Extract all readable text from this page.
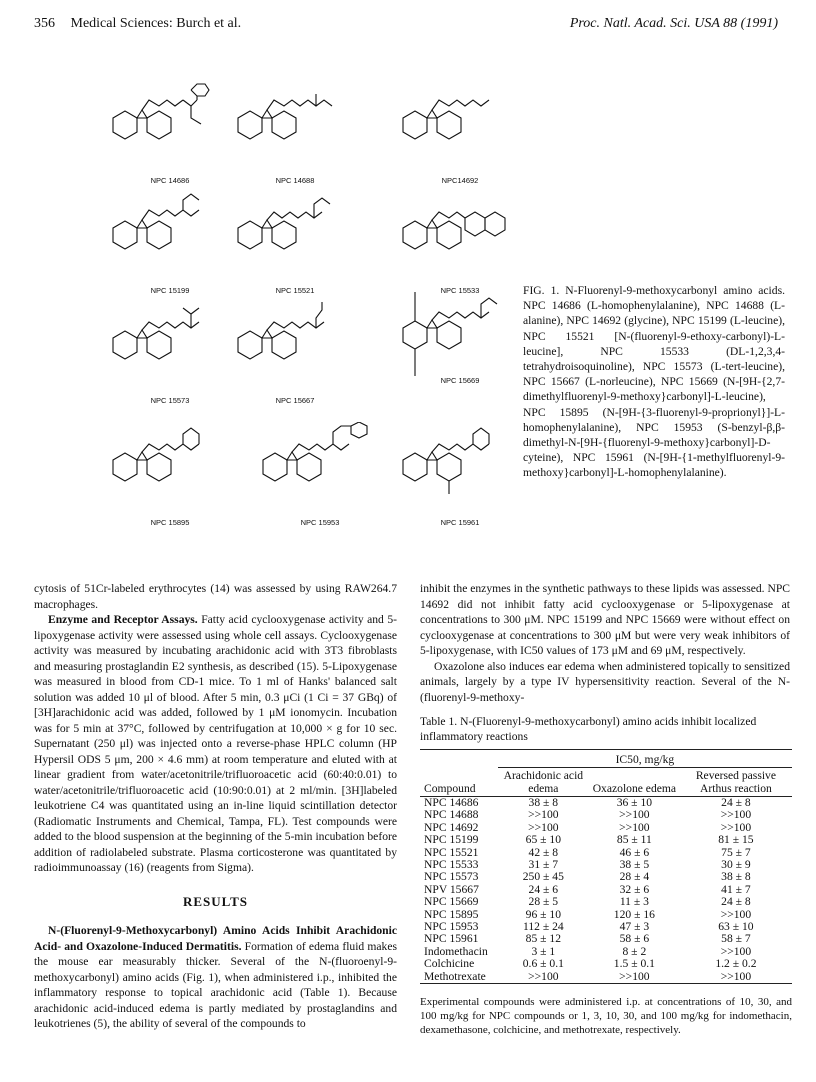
356 Medical Sciences: Burch et al.	Proc. Natl. Acad. Sci. USA 88 (1991)
NPC 14686	NPC 14688	NPC14692
NPC 15199	NPC 15521	NPC 15533
NPC 15573	NPC 15667
NPC 15669
NPC 15895	NPC 15953	NPC 15961
FIG. 1. N-Fluorenyl-9-methoxycarbonyl amino acids. NPC 14686 (L-homophenylalanine), NPC 14688 (L-alanine), NPC 14692 (glycine), NPC 15199 (L-leucine), NPC 15521 [N-(fluorenyl-9-ethoxy-carbonyl)-L-leucine], NPC 15533 (DL-1,2,3,4-tetrahydroisoquinoline), NPC 15573 (L-tert-leucine), NPC 15667 (L-norleucine), NPC 15669 (N-[9H-{2,7-dimethylfluorenyl-9-methoxy}carbonyl]-L-leucine), NPC 15895 (N-[9H-{3-fluorenyl-9-proprionyl}]-L-homophenylalanine), NPC 15953 (S-benzyl-β,β-dimethyl-N-[9H-{fluorenyl-9-methoxy}carbonyl]-D-cyteine), NPC 15961 (N-[9H-{1-methylfluorenyl-9-methoxy}carbonyl]-L-homophenylalanine).

cytosis of 51Cr-labeled erythrocytes (14) was assessed by using RAW264.7 macrophages.

Enzyme and Receptor Assays. Fatty acid cyclooxygenase activity and 5-lipoxygenase activity were assessed using whole cell assays. Cyclooxygenase activity was measured by incubating arachidonic acid with 3T3 fibroblasts and measuring prostaglandin E2 synthesis, as described (15). 5-Lipoxygenase was measured in blood from CD-1 mice. To 1 ml of Hanks' balanced salt solution was added 10 μl of blood. After 5 min, 0.3 μCi (1 Ci = 37 GBq) of [3H]arachidonic acid was added, followed by 1 μM ionomycin. Incubation was for 5 min at 37°C, followed by centrifugation at 10,000 × g for 10 sec. Supernatant (250 μl) was injected onto a reverse-phase HPLC column (HP Hypersil ODS 5 μm, 200 × 4.6 mm) at room temperature and eluted with at linear gradient from water/acetonitrile/trifluoroacetic acid (60:40:0.01) to water/acetonitrile/trifluoroacetic acid (10:90:0.01) at 2 ml/min. [3H]labeled leukotriene C4 was quantitated using an in-line liquid scintillation detector (Radiomatic Instruments and Chemical, Tampa, FL). Test compounds were added to the blood suspension at the beginning of the 5-min incubation before addition of radiolabeled substrate. Plasma corticosterone was quantitated by radioimmunoassay (16) (reagents from Sigma).

RESULTS

N-(Fluorenyl-9-Methoxycarbonyl) Amino Acids Inhibit Arachidonic Acid- and Oxazolone-Induced Dermatitis. Formation of edema fluid makes the mouse ear measurably thicker. Several of the N-(fluoroenyl-9-methoxycarbonyl) amino acids (Fig. 1), when administered i.p., inhibited the inflammatory response to topical arachidonic acid (Table 1). Because arachidonic acid-induced edema is partly mediated by prostaglandins and leukotrienes (5), the ability of several of the compounds to

inhibit the enzymes in the synthetic pathways to these lipids was assessed. NPC 14692 did not inhibit fatty acid cyclooxygenase or 5-lipoxygenase at concentrations to 300 μM. NPC 15199 and NPC 15669 were without effect on cyclooxygenase at concentrations to 300 μM but were very weak inhibitors of 5-lipoxygenase, with IC50 values of 173 μM and 69 μM, respectively.

Oxazolone also induces ear edema when administered topically to sensitized animals, largely by a type IV hypersensitivity reaction. Several of the N-(fluorenyl-9-methoxy-

Table 1. N-(Fluorenyl-9-methoxycarbonyl) amino acids inhibit localized inflammatory reactions
	IC50, mg/kg		
Compound	Arachidonic acid edema	Oxazolone edema	Reversed passive Arthus reaction
NPC 14686	38 ± 8	36 ± 10	24 ± 8
NPC 14688	>>100	>>100	>>100
NPC 14692	>>100	>>100	>>100
NPC 15199	65 ± 10	85 ± 11	81 ± 15
NPC 15521	42 ± 8	46 ± 6	75 ± 7
NPC 15533	31 ± 7	38 ± 5	30 ± 9
NPC 15573	250 ± 45	28 ± 4	38 ± 8
NPV 15667	24 ± 6	32 ± 6	41 ± 7
NPC 15669	28 ± 5	11 ± 3	24 ± 8
NPC 15895	96 ± 10	120 ± 16	>>100
NPC 15953	112 ± 24	47 ± 3	63 ± 10
NPC 15961	85 ± 12	58 ± 6	58 ± 7
Indomethacin	3 ± 1	8 ± 2	>>100
Colchicine	0.6 ± 0.1	1.5 ± 0.1	1.2 ± 0.2
Methotrexate	>>100	>>100	>>100
Experimental compounds were administered i.p. at concentrations of 10, 30, and 100 mg/kg for NPC compounds or 1, 3, 10, 30, and 100 mg/kg for indomethacin, dexamethasone, colchicine, and methotrexate, respectively.
